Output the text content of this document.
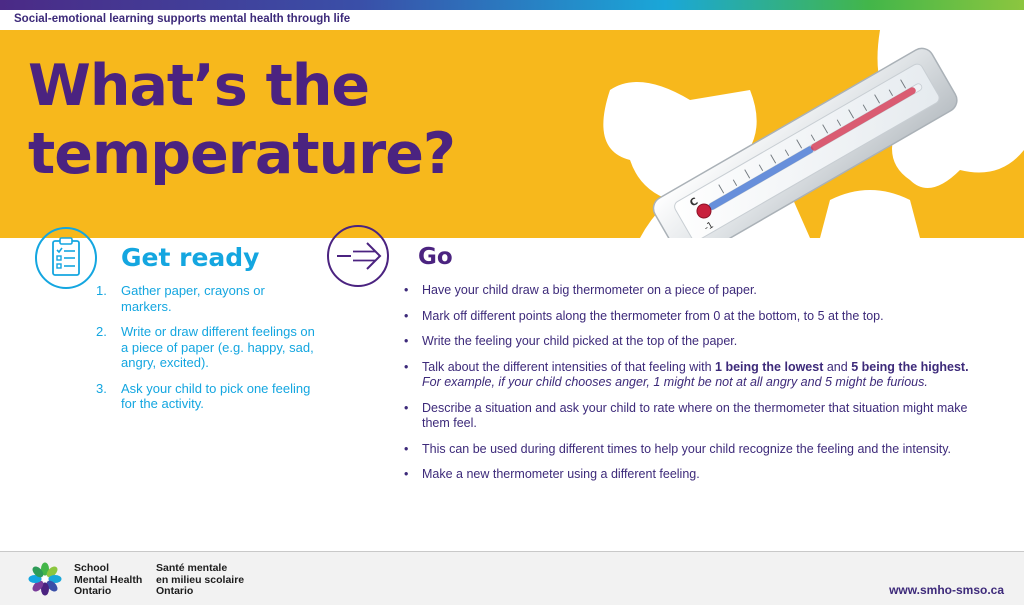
Social-emotional learning supports mental health through life
What’s the
temperature?
C
-1
Get ready	Go
1.	Gather paper, crayons or markers.
2.	Write or draw different feelings on a piece of paper (e.g. happy, sad, angry, excited).
3.	Ask your child to pick one feeling for the activity.
•	Have your child draw a big thermometer on a piece of paper.
•	Mark off different points along the thermometer from 0 at the bottom, to 5 at the top.
•	Write the feeling your child picked at the top of the paper.
•	Talk about the different intensities of that feeling with 1 being the lowest and 5 being the highest. For example, if your child chooses anger, 1 might be not at all angry and 5 might be furious.
•	Describe a situation and ask your child to rate where on the thermometer that situation might make them feel.
•	This can be used during different times to help your child recognize the feeling and the intensity.
•	Make a new thermometer using a different feeling.
School
Mental Health
Ontario
Santé mentale
en milieu scolaire
Ontario	www.smho-smso.ca
